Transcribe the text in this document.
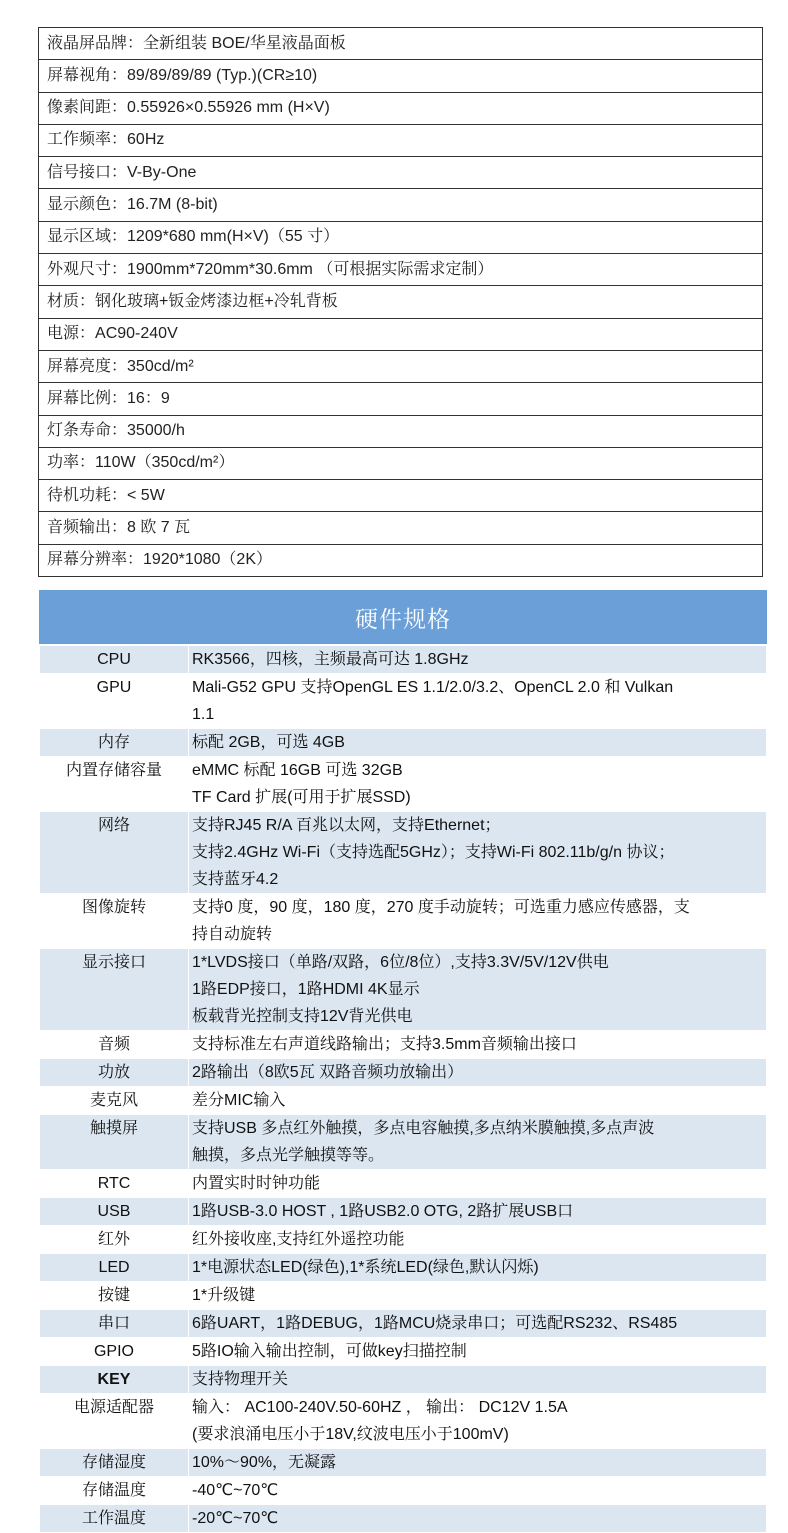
液晶屏品牌：全新组装 BOE/华星液晶面板
屏幕视角：89/89/89/89 (Typ.)(CR≥10)
像素间距：0.55926×0.55926 mm (H×V)
工作频率：60Hz
信号接口：V-By-One
显示颜色：16.7M (8-bit)
显示区域：1209*680 mm(H×V)（55 寸）
外观尺寸：1900mm*720mm*30.6mm （可根据实际需求定制）
材质：钢化玻璃+钣金烤漆边框+冷轧背板
电源：AC90-240V
屏幕亮度：350cd/m²
屏幕比例：16：9
灯条寿命：35000/h
功率：110W（350cd/m²）
待机功耗：< 5W
音频输出：8 欧 7 瓦
屏幕分辨率：1920*1080（2K）
硬件规格
CPU	RK3566，四核，主频最高可达 1.8GHz

GPU	Mali-G52 GPU 支持OpenGL ES 1.1/2.0/3.2、OpenCL 2.0 和 Vulkan
1.1

内存	标配 2GB，可选 4GB

内置存储容量	eMMC 标配 16GB 可选 32GB
TF Card 扩展(可用于扩展SSD)

网络	支持RJ45 R/A 百兆以太网，支持Ethernet；
支持2.4GHz Wi-Fi（支持选配5GHz）；支持Wi-Fi 802.11b/g/n 协议；
支持蓝牙4.2

图像旋转	支持0 度，90 度，180 度，270 度手动旋转；可选重力感应传感器，支
持自动旋转

显示接口	1*LVDS接口（单路/双路，6位/8位）,支持3.3V/5V/12V供电
1路EDP接口，1路HDMI 4K显示
板载背光控制支持12V背光供电

音频	支持标准左右声道线路输出；支持3.5mm音频输出接口

功放	2路输出（8欧5瓦 双路音频功放输出）

麦克风	差分MIC输入

触摸屏	支持USB 多点红外触摸，多点电容触摸,多点纳米膜触摸,多点声波
触摸，多点光学触摸等等。

RTC	内置实时时钟功能

USB	1路USB-3.0 HOST , 1路USB2.0 OTG, 2路扩展USB口

红外	红外接收座,支持红外遥控功能

LED	1*电源状态LED(绿色),1*系统LED(绿色,默认闪烁)

按键	1*升级键

串口	6路UART，1路DEBUG，1路MCU烧录串口；可选配RS232、RS485

GPIO	5路IO输入输出控制，可做key扫描控制

KEY	支持物理开关

电源适配器	输入： AC100-240V.50-60HZ ， 输出： DC12V 1.5A
(要求浪涌电压小于18V,纹波电压小于100mV)

存储湿度	10%～90%，无凝露

存储温度	-40℃~70℃

工作温度	-20℃~70℃
